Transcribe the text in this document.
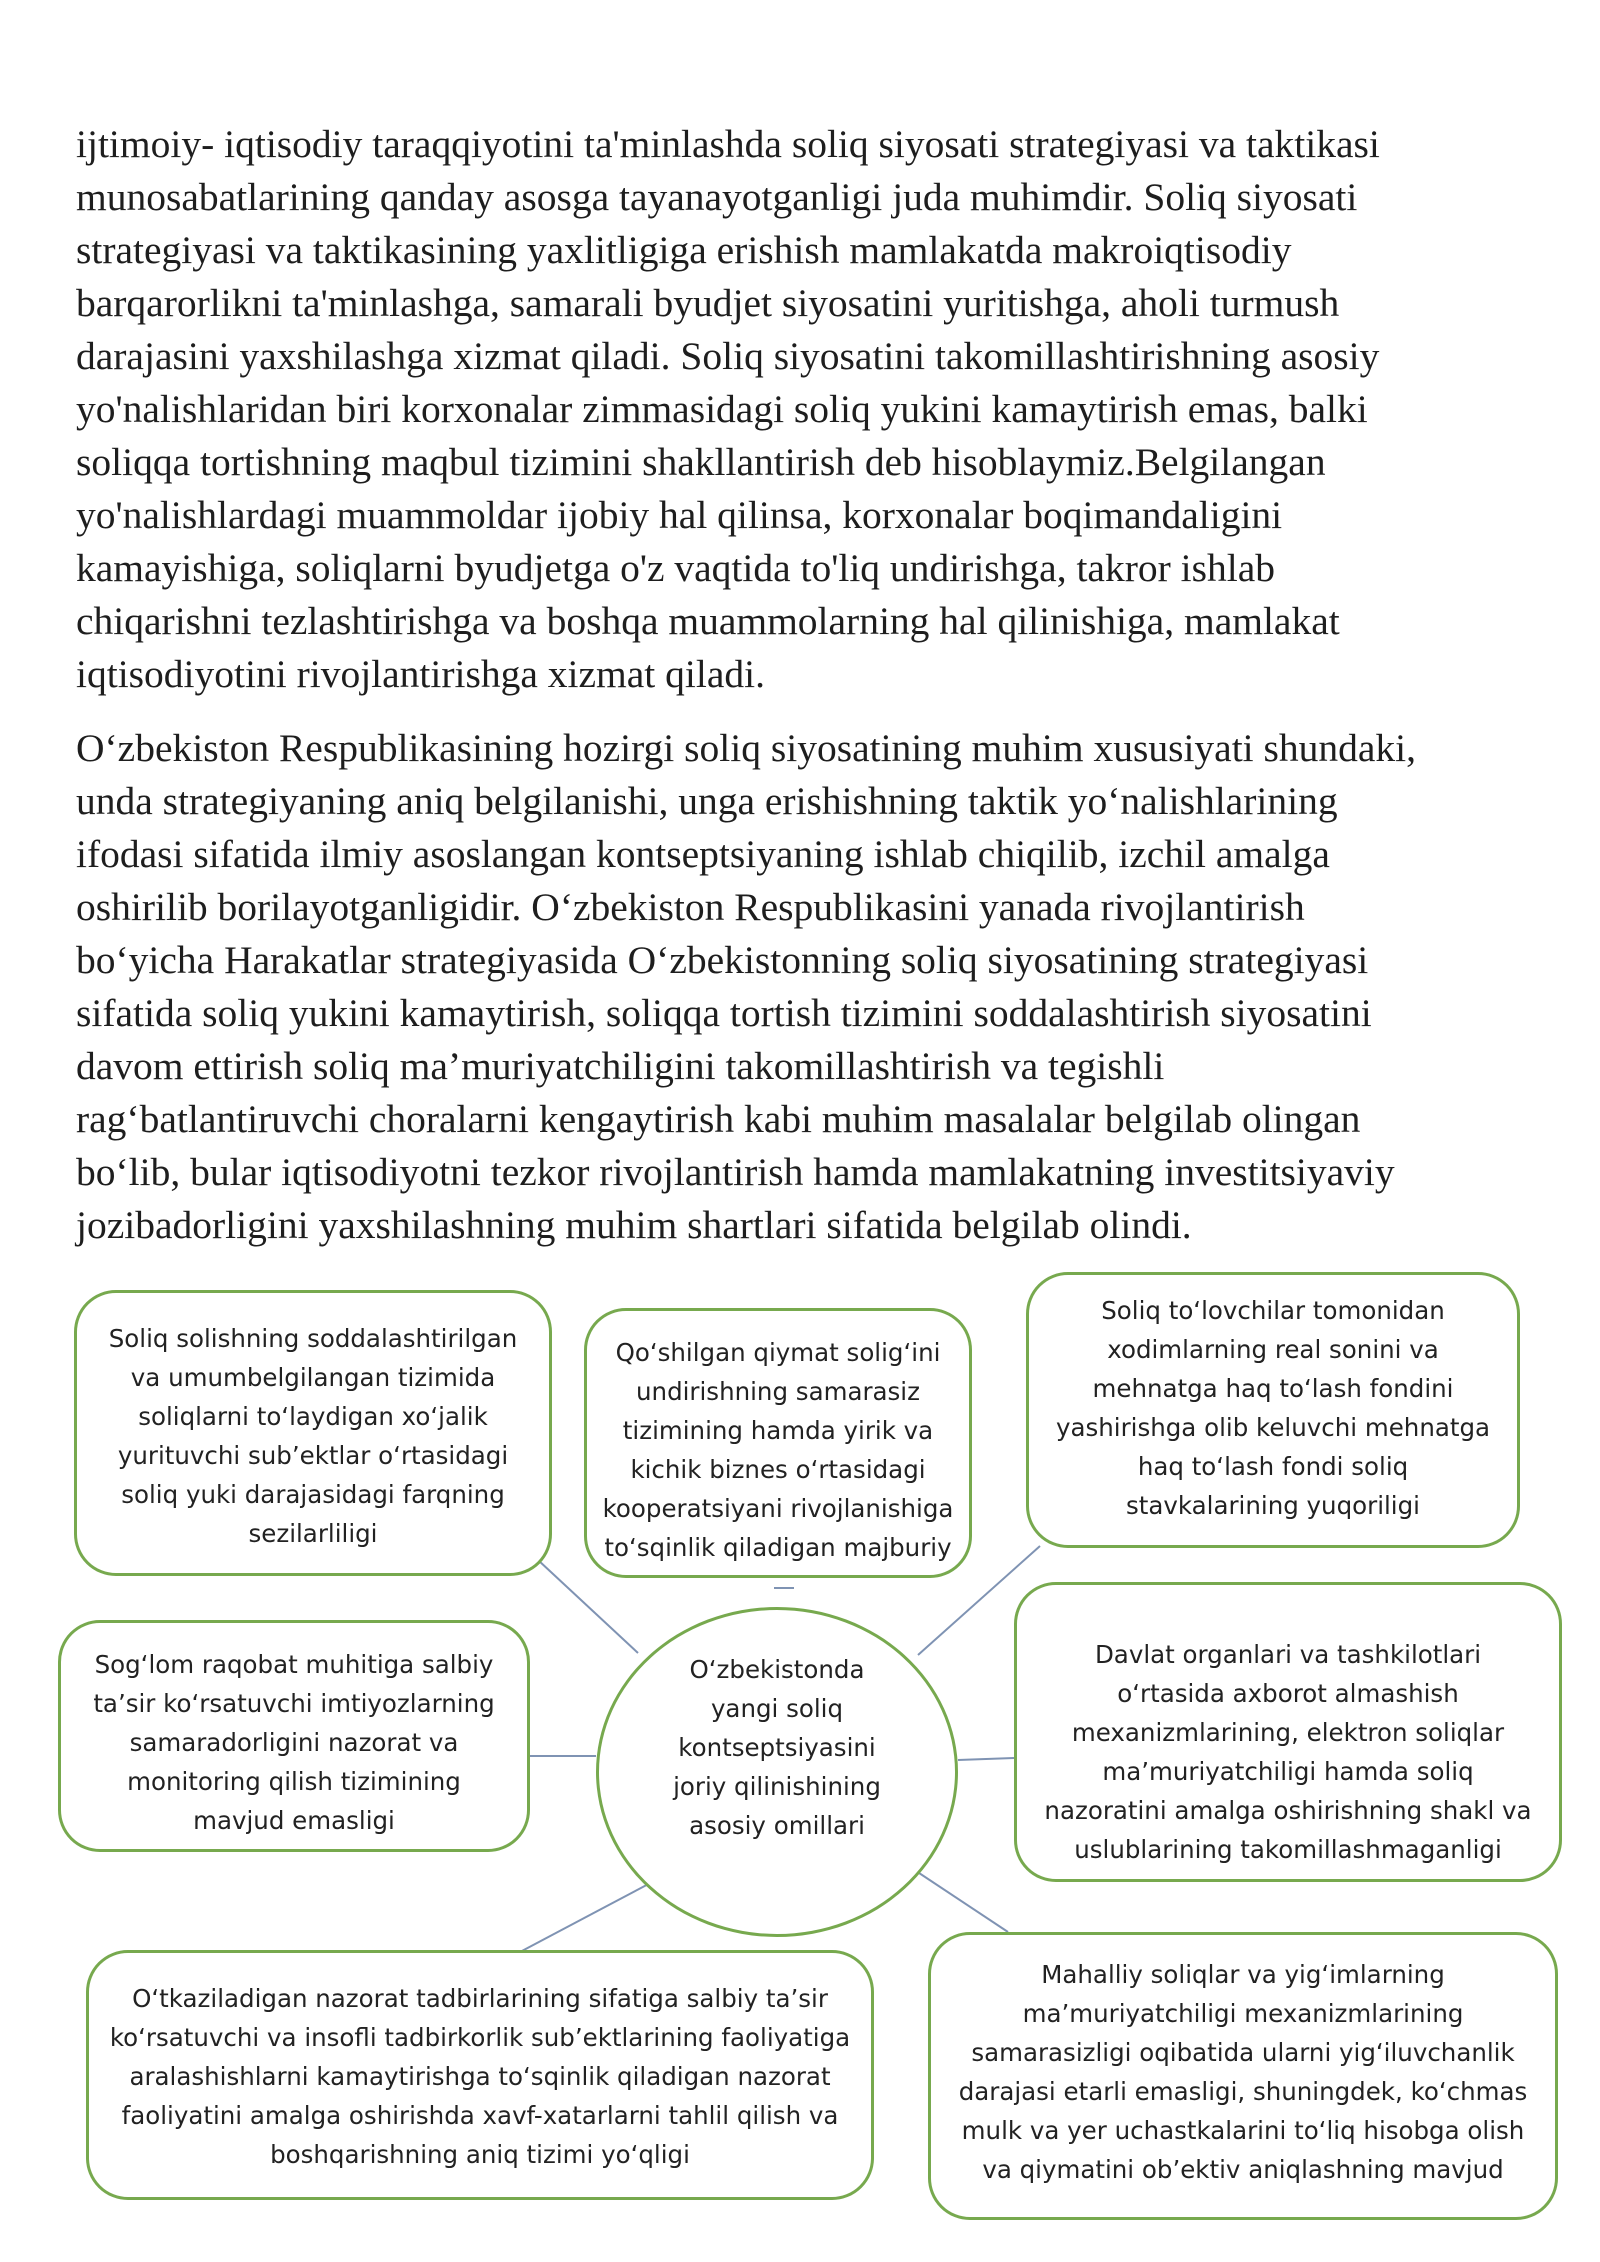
ijtimoiy- iqtisodiy taraqqiyotini ta'minlashda soliq siyosati strategiyasi va taktikasi
munosabatlarining qanday asosga tayanayotganligi juda muhimdir. Soliq siyosati
strategiyasi va taktikasining yaxlitligiga erishish mamlakatda makroiqtisodiy
barqarorlikni ta'minlashga, samarali byudjet siyosatini yuritishga, aholi turmush
darajasini yaxshilashga xizmat qiladi. Soliq siyosatini takomillashtirishning asosiy
yo'nalishlaridan biri korxonalar zimmasidagi soliq yukini kamaytirish emas, balki
soliqqa tortishning maqbul tizimini shakllantirish deb hisoblaymiz.Belgilangan
yo'nalishlardagi muammoldar ijobiy hal qilinsa, korxonalar boqimandaligini
kamayishiga, soliqlarni byudjetga o'z vaqtida to'liq undirishga, takror ishlab
chiqarishni tezlashtirishga va boshqa muammolarning hal qilinishiga, mamlakat
iqtisodiyotini rivojlantirishga xizmat qiladi.

O‘zbekiston Respublikasining hozirgi soliq siyosatining muhim xususiyati shundaki,
unda strategiyaning aniq belgilanishi, unga erishishning taktik yo‘nalishlarining
ifodasi sifatida ilmiy asoslangan kontseptsiyaning ishlab chiqilib, izchil amalga
oshirilib borilayotganligidir. O‘zbekiston Respublikasini yanada rivojlantirish
bo‘yicha Harakatlar strategiyasida O‘zbekistonning soliq siyosatining strategiyasi
sifatida soliq yukini kamaytirish, soliqqa tortish tizimini soddalashtirish siyosatini
davom ettirish soliq ma’muriyatchiligini takomillashtirish va tegishli
rag‘batlantiruvchi choralarni kengaytirish kabi muhim masalalar belgilab olingan
bo‘lib, bular iqtisodiyotni tezkor rivojlantirish hamda mamlakatning investitsiyaviy
jozibadorligini yaxshilashning muhim shartlari sifatida belgilab olindi.

Soliq solishning soddalashtirilgan
va umumbelgilangan tizimida
soliqlarni to‘laydigan xo‘jalik
yurituvchi sub’ektlar o‘rtasidagi
soliq yuki darajasidagi farqning
sezilarliligi
Qo‘shilgan qiymat solig‘ini
undirishning samarasiz
tizimining hamda yirik va
kichik biznes o‘rtasidagi
kooperatsiyani rivojlanishiga
to‘sqinlik qiladigan majburiy
Soliq to‘lovchilar tomonidan
xodimlarning real sonini va
mehnatga haq to‘lash fondini
yashirishga olib keluvchi mehnatga
haq to‘lash fondi soliq
stavkalarining yuqoriligi
Sog‘lom raqobat muhitiga salbiy
ta’sir ko‘rsatuvchi imtiyozlarning
samaradorligini nazorat va
monitoring qilish tizimining
mavjud emasligi
O‘zbekistonda
yangi soliq
kontseptsiyasini
joriy qilinishining
asosiy omillari
Davlat organlari va tashkilotlari
o‘rtasida axborot almashish
mexanizmlarining, elektron soliqlar
ma’muriyatchiligi hamda soliq
nazoratini amalga oshirishning shakl va
uslublarining takomillashmaganligi
O‘tkaziladigan nazorat tadbirlarining sifatiga salbiy ta’sir
ko‘rsatuvchi va insofli tadbirkorlik sub’ektlarining faoliyatiga
aralashishlarni kamaytirishga to‘sqinlik qiladigan nazorat
faoliyatini amalga oshirishda xavf-xatarlarni tahlil qilish va
boshqarishning aniq tizimi yo‘qligi
Mahalliy soliqlar va yig‘imlarning
ma’muriyatchiligi mexanizmlarining
samarasizligi oqibatida ularni yig‘iluvchanlik
darajasi etarli emasligi, shuningdek, ko‘chmas
mulk va yer uchastkalarini to‘liq hisobga olish
va qiymatini ob’ektiv aniqlashning mavjud
